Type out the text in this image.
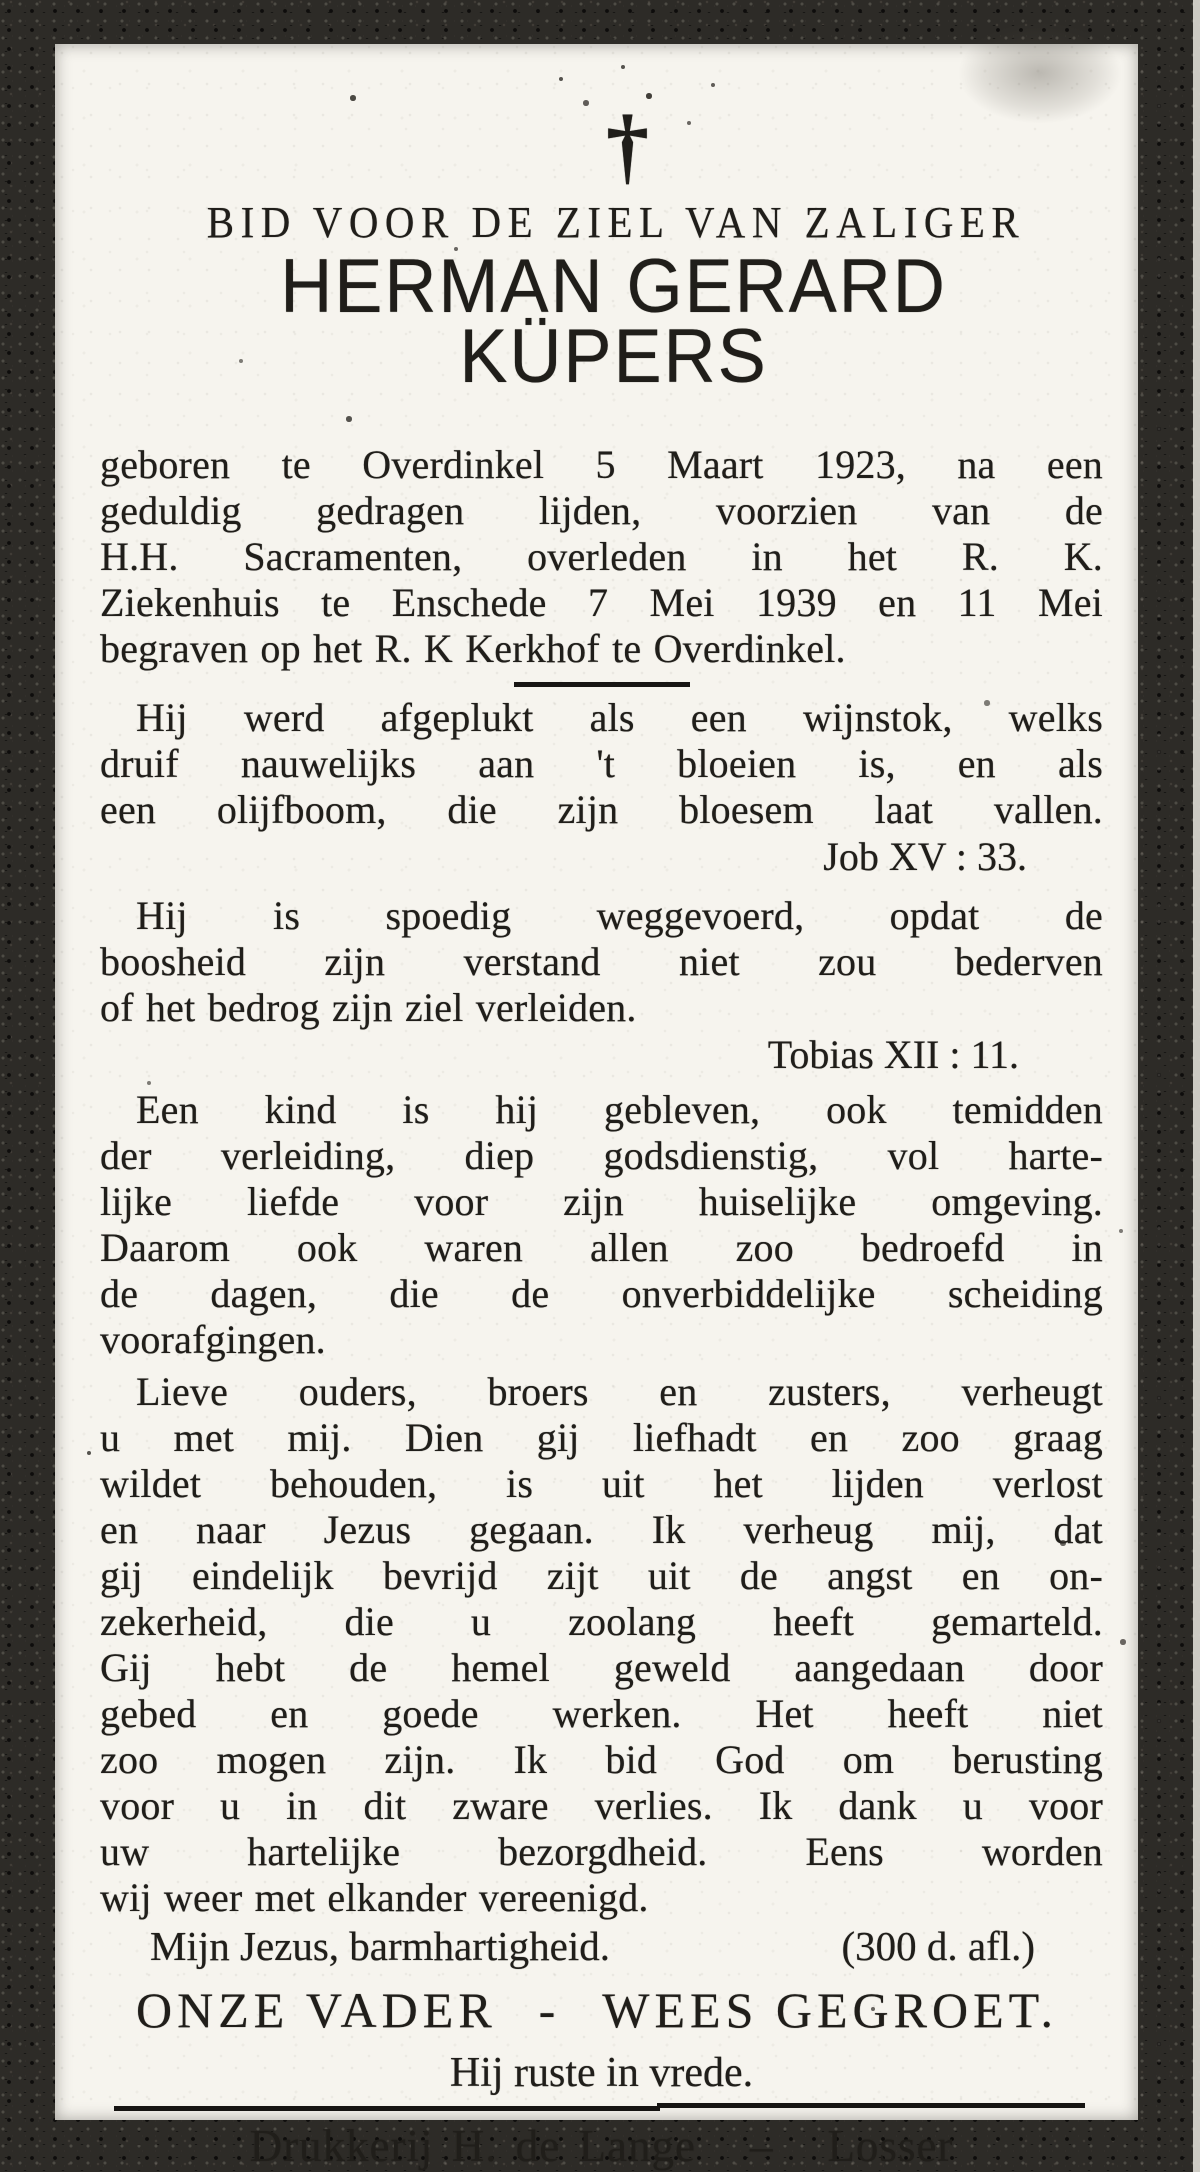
†
BID VOOR DE ZIEL VAN ZALIGER
HERMAN GERARD KÜPERS
geboren te Overdinkel 5 Maart 1923, na een
geduldig gedragen lijden, voorzien van de
H.H. Sacramenten, overleden in het R. K.
Ziekenhuis te Enschede 7 Mei 1939 en 11 Mei
begraven op het R. K Kerkhof te Overdinkel.
Hij werd afgeplukt als een wijnstok, welks
druif nauwelijks aan 't bloeien is, en als
een olijfboom, die zijn bloesem laat vallen.
Job XV : 33.
Hij is spoedig weggevoerd, opdat de
boosheid zijn verstand niet zou bederven
of het bedrog zijn ziel verleiden.
Tobias XII : 11.
Een kind is hij gebleven, ook temidden
der verleiding, diep godsdienstig, vol harte-
lijke liefde voor zijn huiselijke omgeving.
Daarom ook waren allen zoo bedroefd in
de dagen, die de onverbiddelijke scheiding
voorafgingen.
Lieve ouders, broers en zusters, verheugt
u met mij. Dien gij liefhadt en zoo graag
wildet behouden, is uit het lijden verlost
en naar Jezus gegaan. Ik verheug mij, dat
gij eindelijk bevrijd zijt uit de angst en on-
zekerheid, die u zoolang heeft gemarteld.
Gij hebt de hemel geweld aangedaan door
gebed en goede werken. Het heeft niet
zoo mogen zijn. Ik bid God om berusting
voor u in dit zware verlies. Ik dank u voor
uw hartelijke bezorgdheid. Eens worden
wij weer met elkander vereenigd.
Mijn Jezus, barmhartigheid.	(300 d. afl.)
ONZE VADER - WEES GEGROET.
Hij ruste in vrede.
Drukkerij H. de Lange – Losser
